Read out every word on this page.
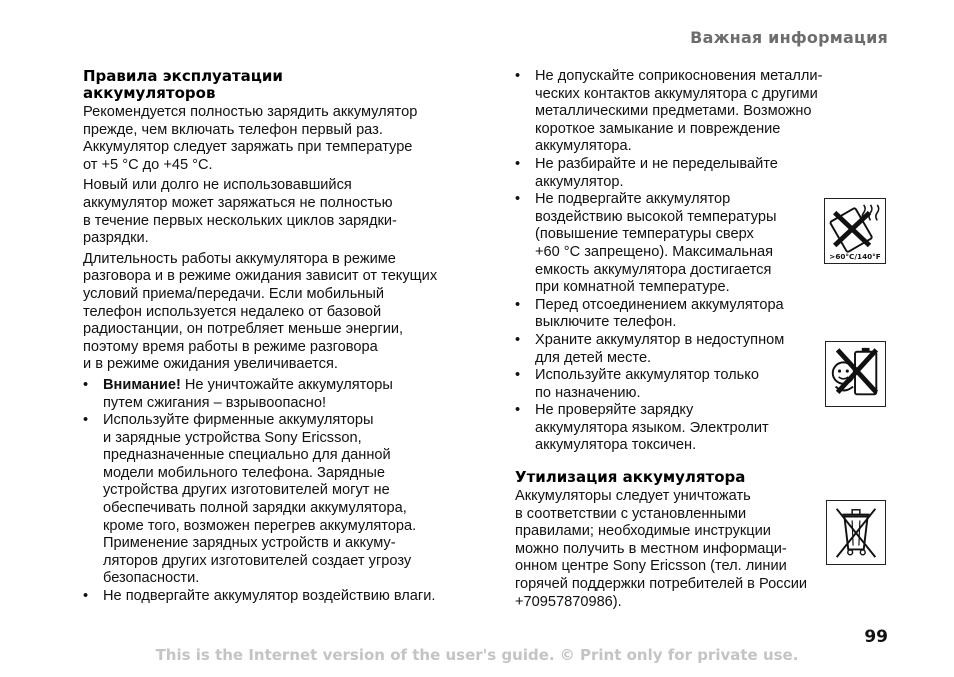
Важная информация
Правила эксплуатации
аккумуляторов

Рекомендуется полностью зарядить аккумулятор
прежде, чем включать телефон первый раз.
Аккумулятор следует заряжать при температуре
от +5 °С до +45 °С.

Новый или долго не использовавшийся
аккумулятор может заряжаться не полностью
в течение первых нескольких циклов зарядки-
разрядки.

Длительность работы аккумулятора в режиме
разговора и в режиме ожидания зависит от текущих
условий приема/передачи. Если мобильный
телефон используется недалеко от базовой
радиостанции, он потребляет меньше энергии,
поэтому время работы в режиме разговора
и в режиме ожидания увеличивается.

•	Внимание! Не уничтожайте аккумуляторы
путем сжигания – взрывоопасно!
•	Используйте фирменные аккумуляторы
и зарядные устройства Sony Ericsson,
предназначенные специально для данной
модели мобильного телефона. Зарядные
устройства других изготовителей могут не
обеспечивать полной зарядки аккумулятора,
кроме того, возможен перегрев аккумулятора.
Применение зарядных устройств и аккуму-
ляторов других изготовителей создает угрозу
безопасности.
•	Не подвергайте аккумулятор воздействию влаги.
•	Не допускайте соприкосновения металли-
ческих контактов аккумулятора с другими
металлическими предметами. Возможно
короткое замыкание и повреждение
аккумулятора.
•	Не разбирайте и не переделывайте
аккумулятор.
•	Не подвергайте аккумулятор
воздействию высокой температуры
(повышение температуры сверх
+60 °С запрещено). Максимальная
емкость аккумулятора достигается
при комнатной температуре.
•	Перед отсоединением аккумулятора
выключите телефон.
•	Храните аккумулятор в недоступном
для детей месте.
•	Используйте аккумулятор только
по назначению.
•	Не проверяйте зарядку
аккумулятора языком. Электролит
аккумулятора токсичен.
Утилизация аккумулятора

Аккумуляторы следует уничтожать
в соответствии с установленными
правилами; необходимые инструкции
можно получить в местном информаци-
онном центре Sony Ericsson (тел. линии
горячей поддержки потребителей в России
+70957870986).

>60°C/140°F
99
This is the Internet version of the user's guide. © Print only for private use.
